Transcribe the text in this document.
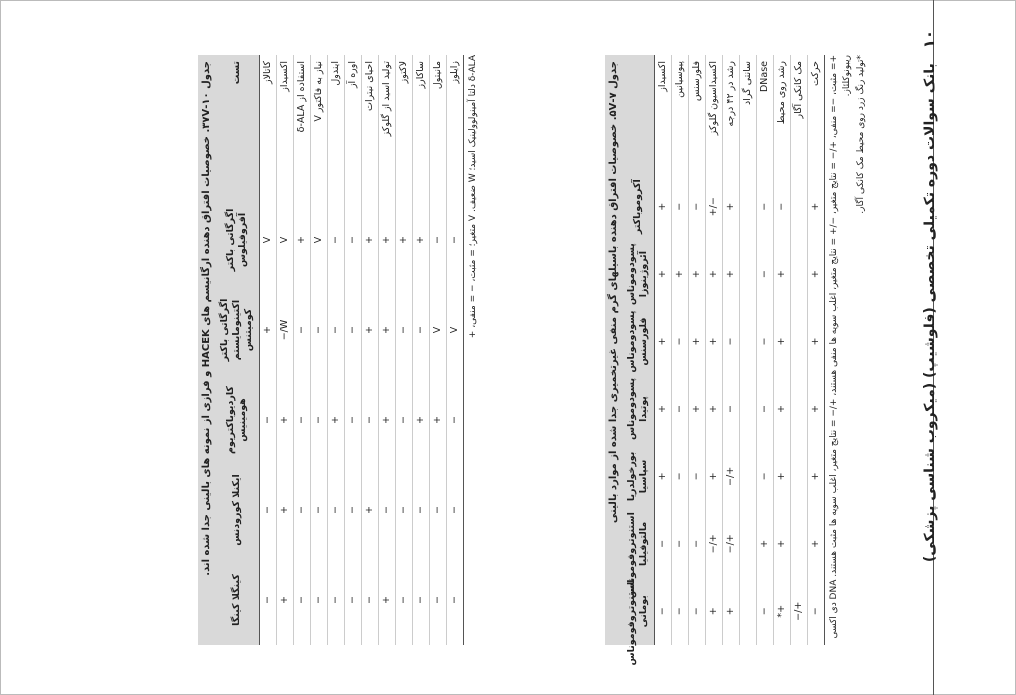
۱۰ بانک سوالات دوره تکمیلی تخصصی (فلوشیپ) (میکروب شناسی پزشکی)
جدول ۷-۵V. خصوصیات افتراق دهنده باسیلهای گرم منفی غیرتخمیری جدا شده از موارد بالینی
	آکروموباکتر	پسودوموناس آئروژینوزا	پسودوموناس فلورسنس	پسودوموناس پوتیدا	بورخولدریا سپاسیا	استنوتروفوموناس مالتوفیلیا	استنوتروفوموناس بومانی
اکسیداز	+	+	+	+	+	−	−
پیوسیانین	−	+	−	−	−	−	−
فلورسنس	−	+	+	+	−	−	−
اکسیداسیون گلوکز	−/+	+	+	+	+	+/−	+
رشد در ۴۲ درجه	+	+	−	−	+/−	+/−	+
سانتی گراد							
DNase	−	−	−	−	−	+	−
رشد روی محیط	−	+	+	+	+	+	+*
مک کانکی آگار							+/−
حرکت	+	+	+	+	+	+	− += مثبت، −= منفی، +/− = نتایج متغیر، −/+ = نتایج متغیر، اغلب سویه ها منفی هستند، +/− = نتایج متغیر، اغلب سویه ها مثبت هستند. DNA دی اکسی ریبونوکلئاز. *تولید رنگ زرد روی محیط مک کانکی آگار.
جدول ۱۰-۳۷V. خصوصیات افتراق دهنده ارگانیسم های HACEK و فرازی از نمونه های بالینی جدا شده اند.	تست	اگرگاتی باکتر آفروفیلوس	اگرگاتی باکتر اکتینومایستم کومیتنس	کاردیوباکتریوم هومینیس	ایکنلا کورودنس	کینگلا کینگا
کاتالاز	V	+	−	−	−
اکسیداز	V	W/−	+	+	+
استفاده از δ-ALA	+	−	−	−	−
نیاز به فاکتور V	V	−	−	−	−
ایندول	−	−	+	−	−
اوره آز	−	−	−	−	−
احیای نیترات	+	+	−	+	−
تولید اسید از گلوکز	+	+	+	−	+
لاکتوز	+	−	−	−	−
ساکارز	+	−	+	−	−
مانیتول	−	V	+	−	−
زایلوز	−	V	−	−	−
δ-ALA دلتا آمینولوولینیک اسید؛ W ضعیف. V متغیر؛ = مثبت، − = منفی، +
